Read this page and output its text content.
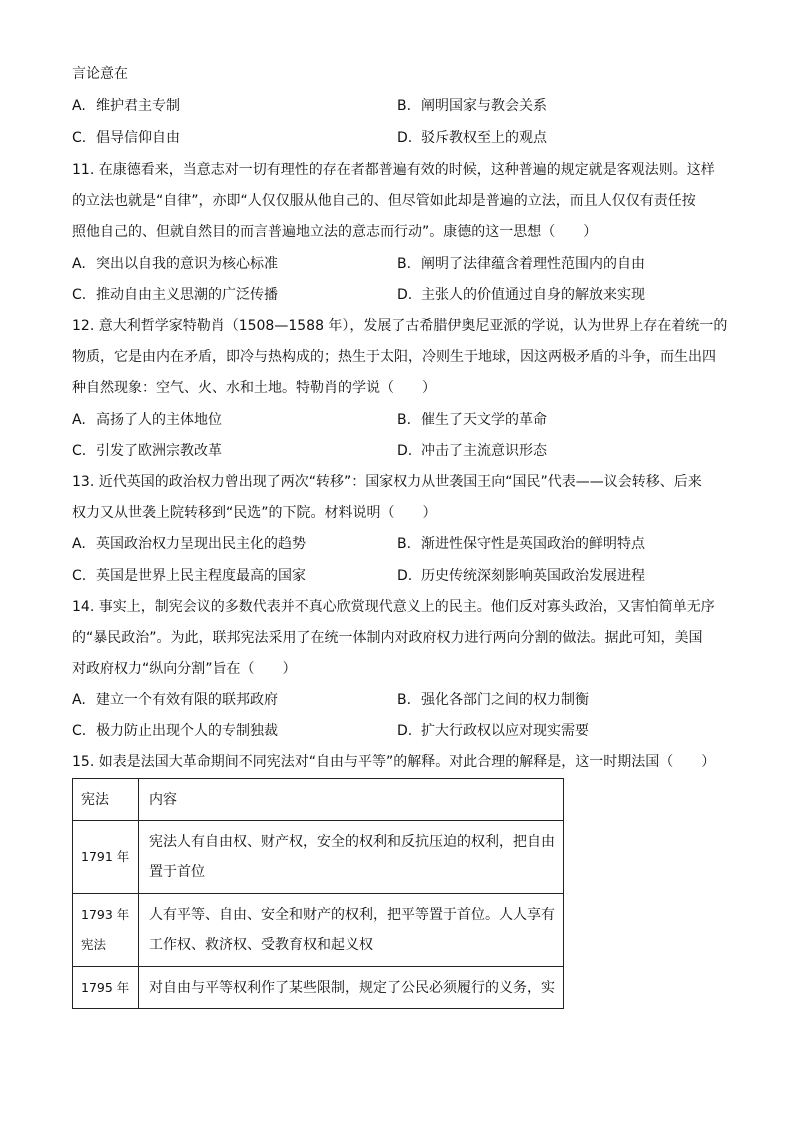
言论意在
A. 维护君主专制	B. 阐明国家与教会关系
C. 倡导信仰自由	D. 驳斥教权至上的观点
11. 在康德看来，当意志对一切有理性的存在者都普遍有效的时候，这种普遍的规定就是客观法则。这样
的立法也就是“自律”，亦即“人仅仅服从他自己的、但尽管如此却是普遍的立法，而且人仅仅有责任按
照他自己的、但就自然目的而言普遍地立法的意志而行动”。康德的这一思想（　　）
A. 突出以自我的意识为核心标准	B. 阐明了法律蕴含着理性范围内的自由
C. 推动自由主义思潮的广泛传播	D. 主张人的价值通过自身的解放来实现
12. 意大利哲学家特勒肖（1508—1588 年），发展了古希腊伊奥尼亚派的学说，认为世界上存在着统一的
物质，它是由内在矛盾，即冷与热构成的；热生于太阳，冷则生于地球，因这两极矛盾的斗争，而生出四
种自然现象：空气、火、水和土地。特勒肖的学说（　　）
A. 高扬了人的主体地位	B. 催生了天文学的革命
C. 引发了欧洲宗教改革	D. 冲击了主流意识形态
13. 近代英国的政治权力曾出现了两次“转移”：国家权力从世袭国王向“国民”代表——议会转移、后来
权力又从世袭上院转移到“民选”的下院。材料说明（　　）
A. 英国政治权力呈现出民主化的趋势	B. 渐进性保守性是英国政治的鲜明特点
C. 英国是世界上民主程度最高的国家	D. 历史传统深刻影响英国政治发展进程
14. 事实上，制宪会议的多数代表并不真心欣赏现代意义上的民主。他们反对寡头政治，又害怕简单无序
的“暴民政治”。为此，联邦宪法采用了在统一体制内对政府权力进行两向分割的做法。据此可知，美国
对政府权力“纵向分割”旨在（　　）
A. 建立一个有效有限的联邦政府	B. 强化各部门之间的权力制衡
C. 极力防止出现个人的专制独裁	D. 扩大行政权以应对现实需要
15. 如表是法国大革命期间不同宪法对“自由与平等”的解释。对此合理的解释是，这一时期法国（　　）
宪法	内容
1791 年	宪法人有自由权、财产权，安全的权利和反抗压迫的权利，把自由置于首位

1793 年宪法	人有平等、自由、安全和财产的权利，把平等置于首位。人人享有工作权、救济权、受教育权和起义权

1795 年	对自由与平等权利作了某些限制，规定了公民必须履行的义务，实
